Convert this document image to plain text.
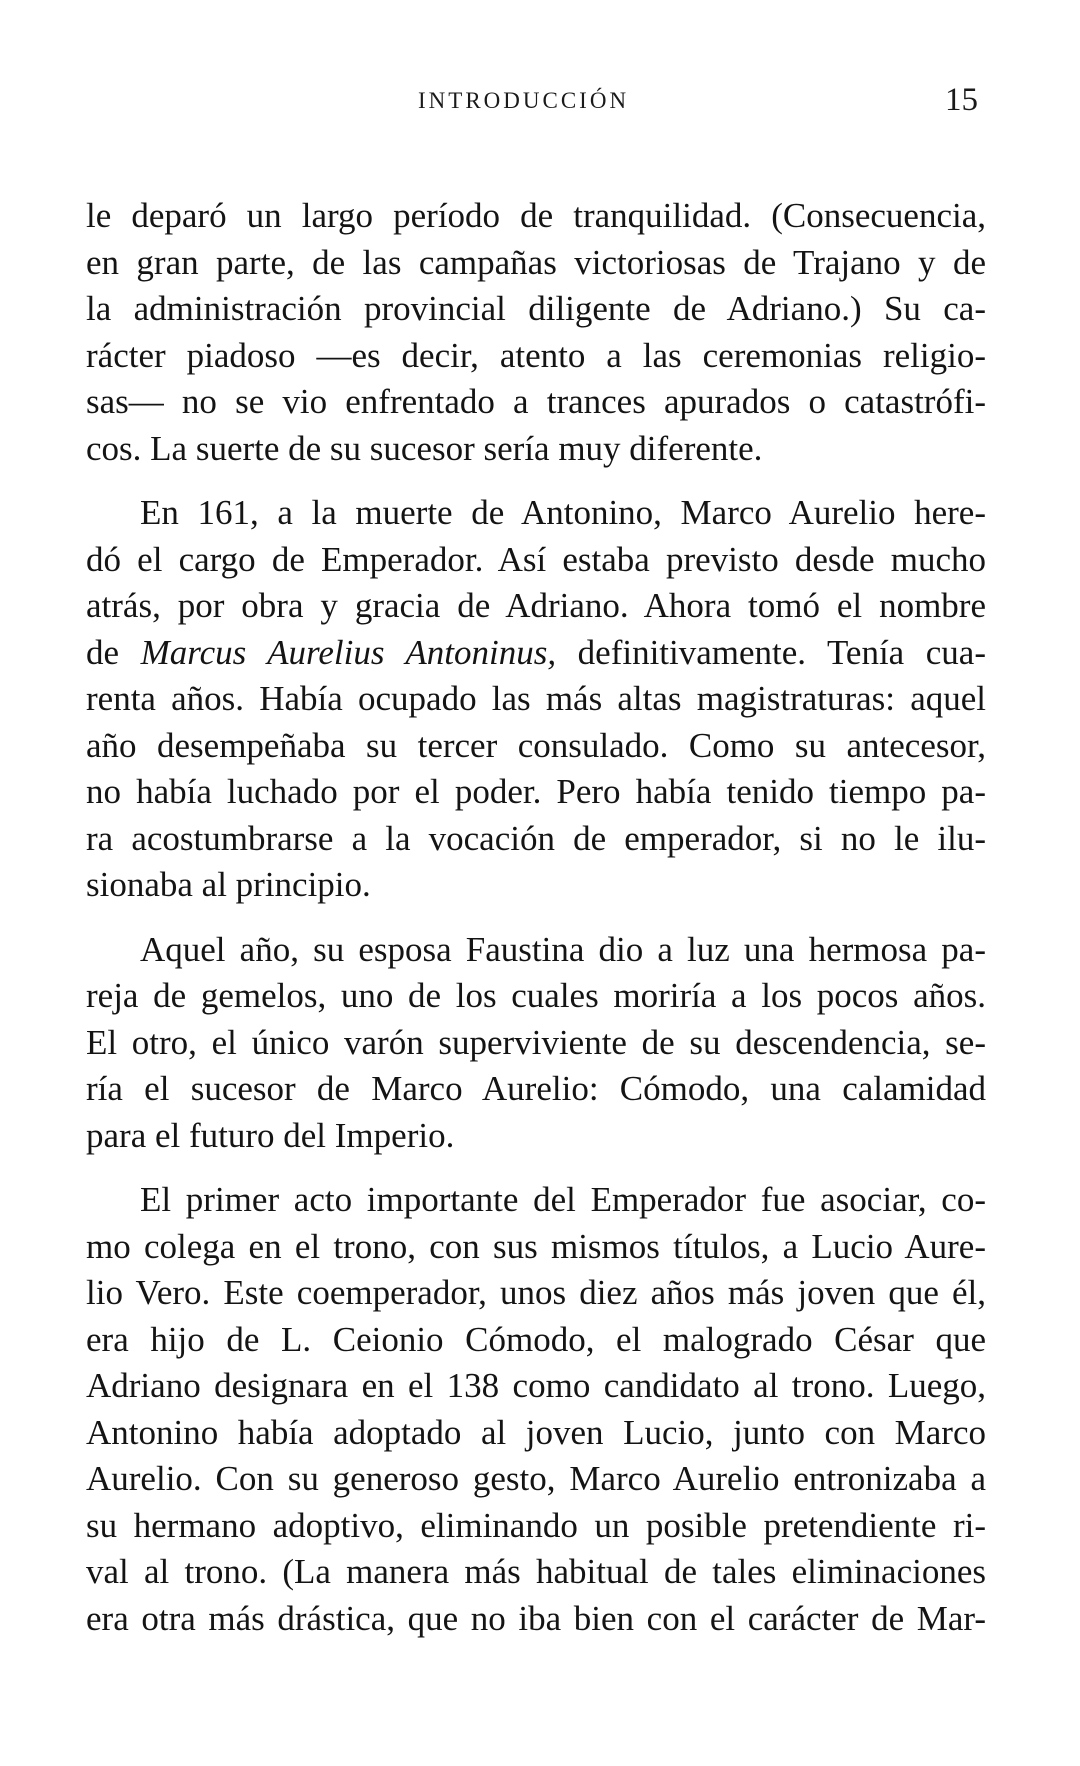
INTRODUCCIÓN	15
le deparó un largo período de tranquilidad. (Consecuencia,
en gran parte, de las campañas victoriosas de Trajano y de
la administración provincial diligente de Adriano.) Su ca-
rácter piadoso —es decir, atento a las ceremonias religio-
sas— no se vio enfrentado a trances apurados o catastrófi-
cos. La suerte de su sucesor sería muy diferente.
En 161, a la muerte de Antonino, Marco Aurelio here-
dó el cargo de Emperador. Así estaba previsto desde mucho
atrás, por obra y gracia de Adriano. Ahora tomó el nombre
de Marcus Aurelius Antoninus, definitivamente. Tenía cua-
renta años. Había ocupado las más altas magistraturas: aquel
año desempeñaba su tercer consulado. Como su antecesor,
no había luchado por el poder. Pero había tenido tiempo pa-
ra acostumbrarse a la vocación de emperador, si no le ilu-
sionaba al principio.
Aquel año, su esposa Faustina dio a luz una hermosa pa-
reja de gemelos, uno de los cuales moriría a los pocos años.
El otro, el único varón superviviente de su descendencia, se-
ría el sucesor de Marco Aurelio: Cómodo, una calamidad
para el futuro del Imperio.
El primer acto importante del Emperador fue asociar, co-
mo colega en el trono, con sus mismos títulos, a Lucio Aure-
lio Vero. Este coemperador, unos diez años más joven que él,
era hijo de L. Ceionio Cómodo, el malogrado César que
Adriano designara en el 138 como candidato al trono. Luego,
Antonino había adoptado al joven Lucio, junto con Marco
Aurelio. Con su generoso gesto, Marco Aurelio entronizaba a
su hermano adoptivo, eliminando un posible pretendiente ri-
val al trono. (La manera más habitual de tales eliminaciones
era otra más drástica, que no iba bien con el carácter de Mar-
